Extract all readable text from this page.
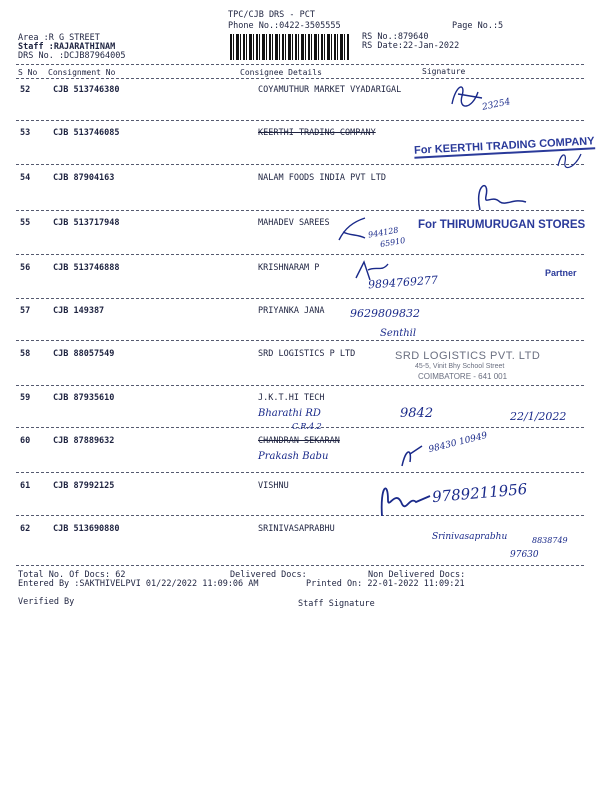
TPC/CJB DRS - PCT
Phone No.:0422-3505555	Page No.:5
Area :R G STREET
Staff :RAJARATHINAM
DRS No. :DCJB87964005
RS No.:879640
RS Date:22-Jan-2022
S No Consignment No	Consignee Details	Signature
52	CJB 513746380	COYAMUTHUR MARKET VYADARIGAL
53	CJB 513746085	KEERTHI TRADING COMPANY
54	CJB 87904163	NALAM FOODS INDIA PVT LTD
55	CJB 513717948	MAHADEV SAREES
56	CJB 513746888	KRISHNARAM P
57	CJB 149387	PRIYANKA JANA
58	CJB 88057549	SRD LOGISTICS P LTD
59	CJB 87935610	J.K.T.HI TECH
60	CJB 87889632	CHANDRAN SEKARAN
61	CJB 87992125	VISHNU
62	CJB 513690880	SRINIVASAPRABHU
For KEERTHI TRADING COMPANY
For THIRUMURUGAN STORES
Partner
SRD LOGISTICS PVT. LTD
45-5, Vinit Bhy School Street
COIMBATORE - 641 001
23254
944128
65910
9894769277
Senthil
9629809832
Bharathi RD
C.R.4.2
9842	22/1/2022
Prakash Babu
98430 10949
9789211956
Srinivasaprabhu	8838749
97630
Total No. Of Docs: 62	Delivered Docs:	Non Delivered Docs:
Entered By :SAKTHIVELPVI 01/22/2022 11:09:06 AM	Printed On: 22-01-2022 11:09:21
Verified By	Staff Signature
